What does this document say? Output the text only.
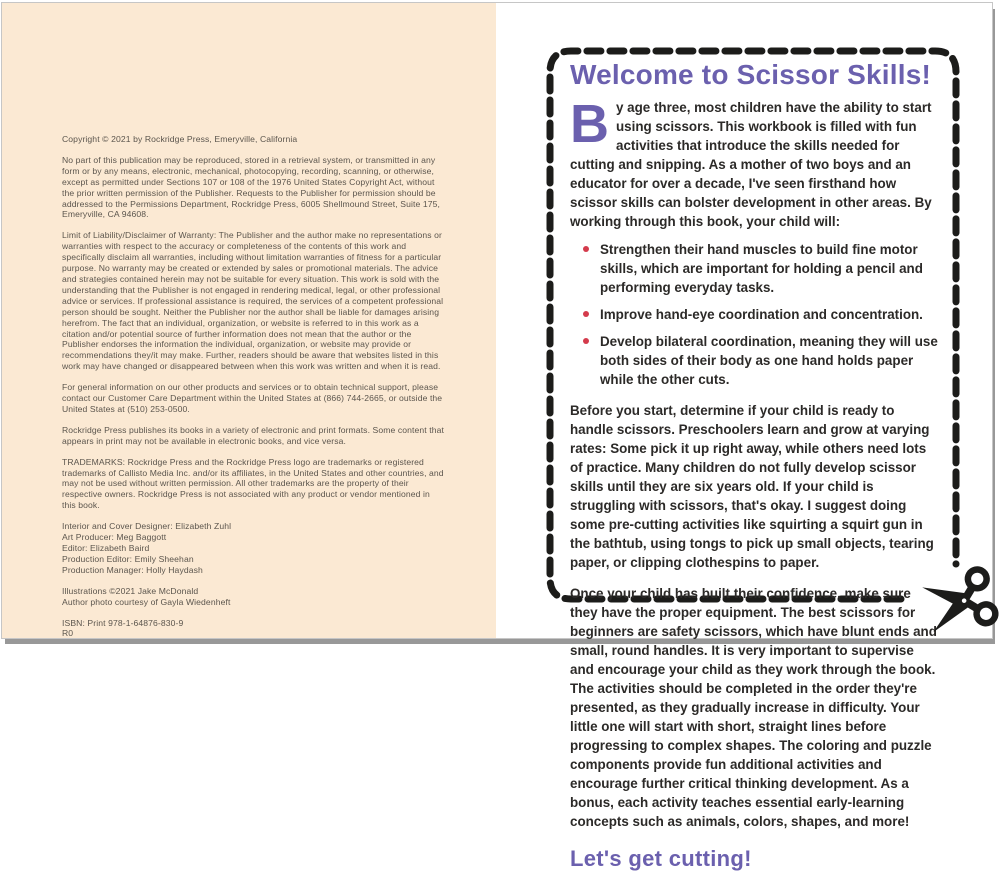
Copyright © 2021 by Rockridge Press, Emeryville, California

No part of this publication may be reproduced, stored in a retrieval system, or transmitted in any form or by any means, electronic, mechanical, photocopying, recording, scanning, or otherwise, except as permitted under Sections 107 or 108 of the 1976 United States Copyright Act, without the prior written permission of the Publisher. Requests to the Publisher for permission should be addressed to the Permissions Department, Rockridge Press, 6005 Shellmound Street, Suite 175, Emeryville, CA 94608.

Limit of Liability/Disclaimer of Warranty: The Publisher and the author make no representations or warranties with respect to the accuracy or completeness of the contents of this work and specifically disclaim all warranties, including without limitation warranties of fitness for a particular purpose. No warranty may be created or extended by sales or promotional materials. The advice and strategies contained herein may not be suitable for every situation. This work is sold with the understanding that the Publisher is not engaged in rendering medical, legal, or other professional advice or services. If professional assistance is required, the services of a competent professional person should be sought. Neither the Publisher nor the author shall be liable for damages arising herefrom. The fact that an individual, organization, or website is referred to in this work as a citation and/or potential source of further information does not mean that the author or the Publisher endorses the information the individual, organization, or website may provide or recommendations they/it may make. Further, readers should be aware that websites listed in this work may have changed or disappeared between when this work was written and when it is read.

For general information on our other products and services or to obtain technical support, please contact our Customer Care Department within the United States at (866) 744-2665, or outside the United States at (510) 253-0500.

Rockridge Press publishes its books in a variety of electronic and print formats. Some content that appears in print may not be available in electronic books, and vice versa.

TRADEMARKS: Rockridge Press and the Rockridge Press logo are trademarks or registered trademarks of Callisto Media Inc. and/or its affiliates, in the United States and other countries, and may not be used without written permission. All other trademarks are the property of their respective owners. Rockridge Press is not associated with any product or vendor mentioned in this book.

Interior and Cover Designer: Elizabeth Zuhl
Art Producer: Meg Baggott
Editor: Elizabeth Baird
Production Editor: Emily Sheehan
Production Manager: Holly Haydash
Illustrations ©2021 Jake McDonald
Author photo courtesy of Gayla Wiedenheft
ISBN: Print 978-1-64876-830-9
R0
Welcome to Scissor Skills!
By age three, most children have the ability to start using scissors. This workbook is filled with fun activities that introduce the skills needed for cutting and snipping. As a mother of two boys and an educator for over a decade, I've seen firsthand how scissor skills can bolster development in other areas. By working through this book, your child will:
Strengthen their hand muscles to build fine motor skills, which are important for holding a pencil and performing everyday tasks.
Improve hand-eye coordination and concentration.
Develop bilateral coordination, meaning they will use both sides of their body as one hand holds paper while the other cuts.
Before you start, determine if your child is ready to handle scissors. Preschoolers learn and grow at varying rates: Some pick it up right away, while others need lots of practice. Many children do not fully develop scissor skills until they are six years old. If your child is struggling with scissors, that's okay. I suggest doing some pre-cutting activities like squirting a squirt gun in the bathtub, using tongs to pick up small objects, tearing paper, or clipping clothespins to paper.
Once your child has built their confidence, make sure they have the proper equipment. The best scissors for beginners are safety scissors, which have blunt ends and small, round handles. It is very important to supervise and encourage your child as they work through the book. The activities should be completed in the order they're presented, as they gradually increase in difficulty. Your little one will start with short, straight lines before progressing to complex shapes. The coloring and puzzle components provide fun additional activities and encourage further critical thinking development. As a bonus, each activity teaches essential early-learning concepts such as animals, colors, shapes, and more!
Let's get cutting!
